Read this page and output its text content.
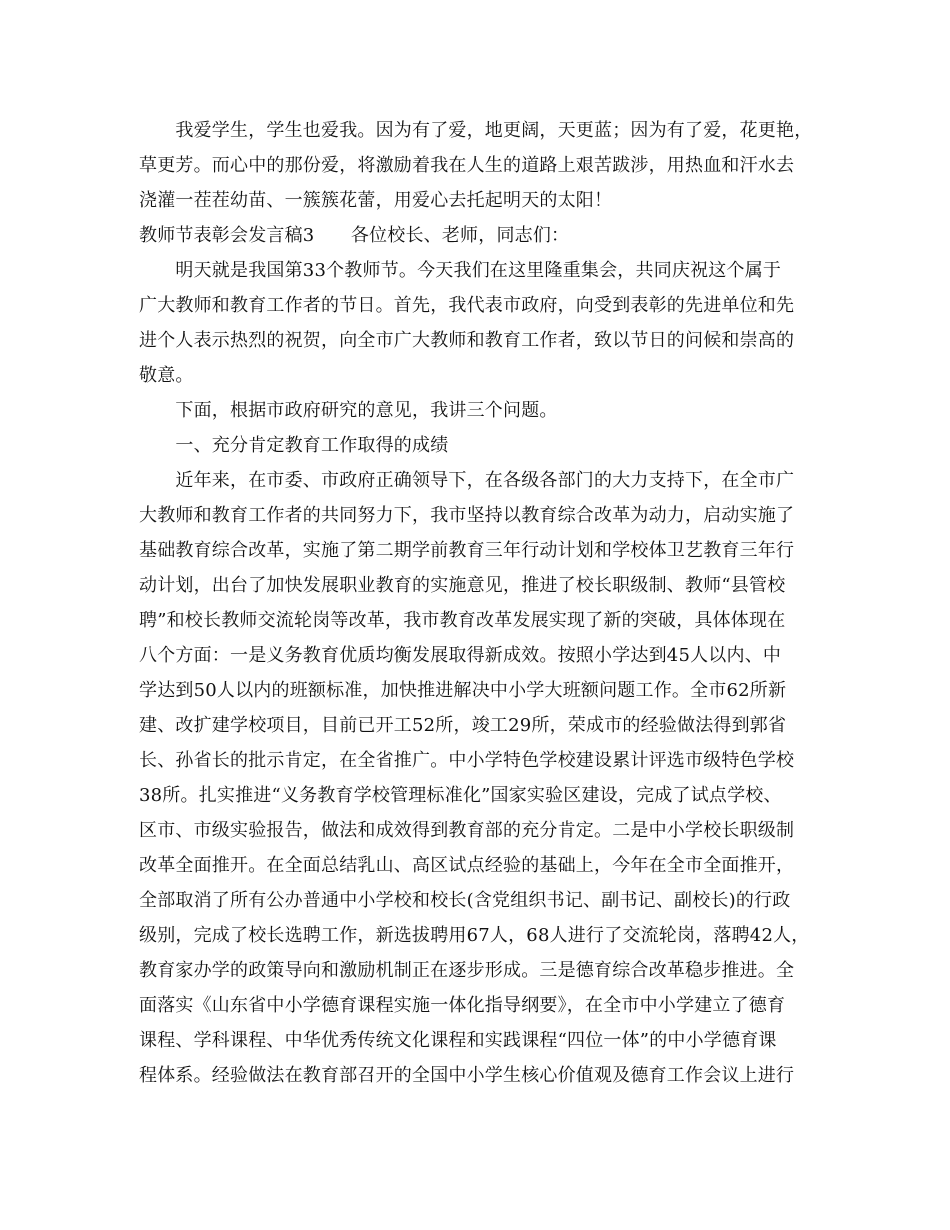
　　我爱学生，学生也爱我。因为有了爱，地更阔，天更蓝；因为有了爱，花更艳，
草更芳。而心中的那份爱，将激励着我在人生的道路上艰苦跋涉，用热血和汗水去
浇灌一茬茬幼苗、一簇簇花蕾，用爱心去托起明天的太阳！
教师节表彰会发言稿3　　各位校长、老师，同志们：
　　明天就是我国第33个教师节。今天我们在这里隆重集会，共同庆祝这个属于
广大教师和教育工作者的节日。首先，我代表市政府，向受到表彰的先进单位和先
进个人表示热烈的祝贺，向全市广大教师和教育工作者，致以节日的问候和崇高的
敬意。
　　下面，根据市政府研究的意见，我讲三个问题。
　　一、充分肯定教育工作取得的成绩
　　近年来，在市委、市政府正确领导下，在各级各部门的大力支持下，在全市广
大教师和教育工作者的共同努力下，我市坚持以教育综合改革为动力，启动实施了
基础教育综合改革，实施了第二期学前教育三年行动计划和学校体卫艺教育三年行
动计划，出台了加快发展职业教育的实施意见，推进了校长职级制、教师“县管校
聘”和校长教师交流轮岗等改革，我市教育改革发展实现了新的突破，具体体现在
八个方面：一是义务教育优质均衡发展取得新成效。按照小学达到45人以内、中
学达到50人以内的班额标准，加快推进解决中小学大班额问题工作。全市62所新
建、改扩建学校项目，目前已开工52所，竣工29所，荣成市的经验做法得到郭省
长、孙省长的批示肯定，在全省推广。中小学特色学校建设累计评选市级特色学校
38所。扎实推进“义务教育学校管理标准化”国家实验区建设，完成了试点学校、
区市、市级实验报告，做法和成效得到教育部的充分肯定。二是中小学校长职级制
改革全面推开。在全面总结乳山、高区试点经验的基础上，今年在全市全面推开，
全部取消了所有公办普通中小学校和校长(含党组织书记、副书记、副校长)的行政
级别，完成了校长选聘工作，新选拔聘用67人，68人进行了交流轮岗，落聘42人，
教育家办学的政策导向和激励机制正在逐步形成。三是德育综合改革稳步推进。全
面落实《山东省中小学德育课程实施一体化指导纲要》，在全市中小学建立了德育
课程、学科课程、中华优秀传统文化课程和实践课程“四位一体”的中小学德育课
程体系。经验做法在教育部召开的全国中小学生核心价值观及德育工作会议上进行
